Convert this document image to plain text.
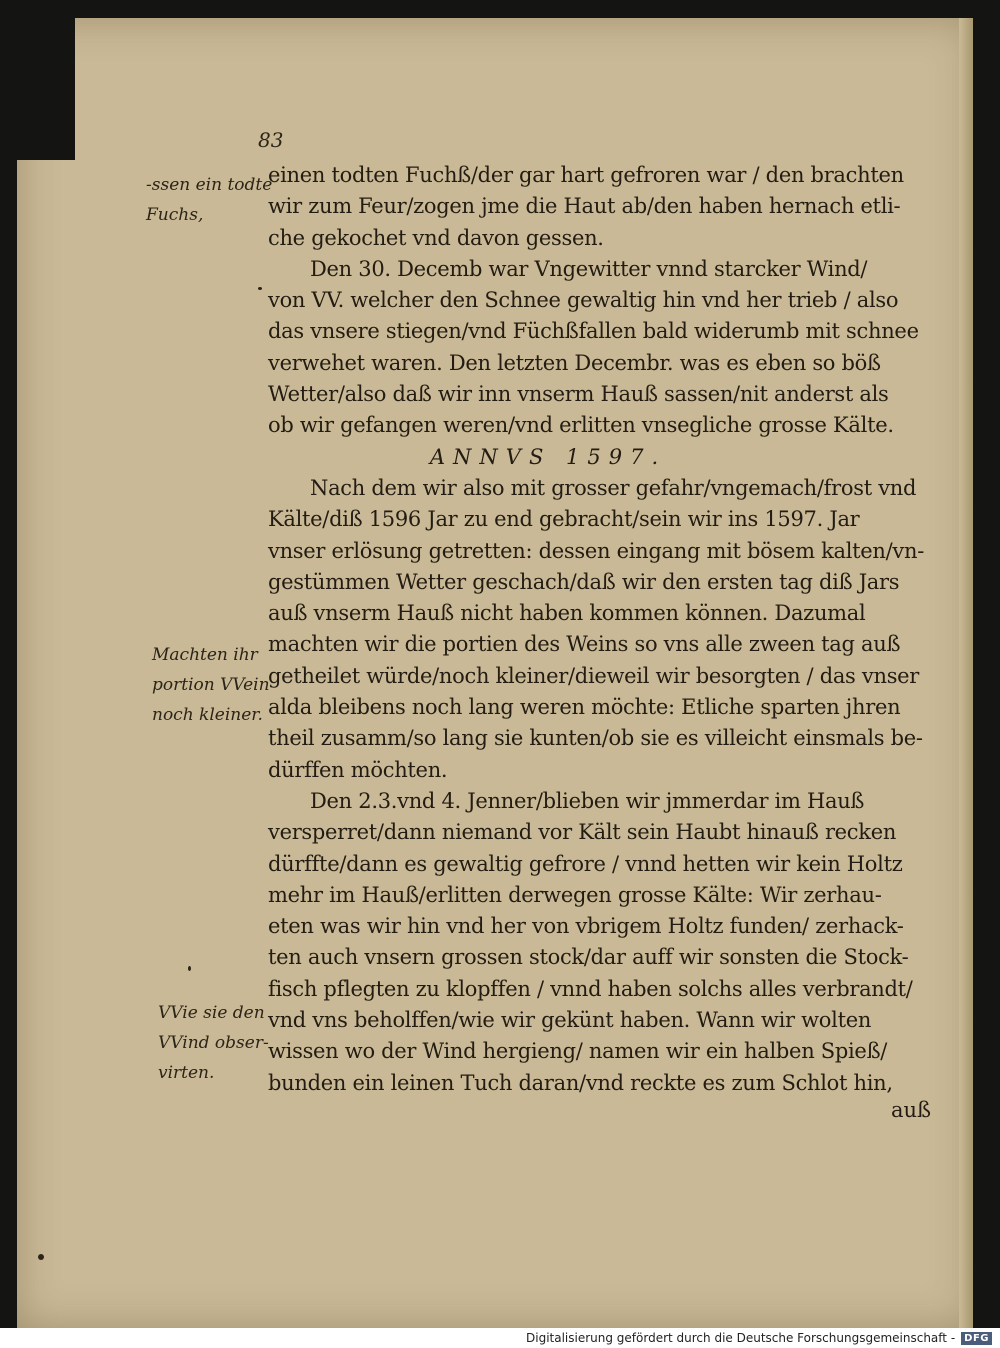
83
-ssen ein todte
Fuchs,
Machten ihr
portion VVein
noch kleiner.
VVie sie den
VVind obser-
virten.
einen todten Fuchß/der gar hart gefroren war / den brachten
wir zum Feur/zogen jme die Haut ab/den haben hernach etli-
che gekochet vnd davon gessen.
Den 30. Decemb war Vngewitter vnnd starcker Wind/
von VV. welcher den Schnee gewaltig hin vnd her trieb / also
das vnsere stiegen/vnd Füchßfallen bald widerumb mit schnee
verwehet waren. Den letzten Decembr. was es eben so böß
Wetter/also daß wir inn vnserm Hauß sassen/nit anderst als
ob wir gefangen weren/vnd erlitten vnsegliche grosse Kälte.
ANNVS 1597.
Nach dem wir also mit grosser gefahr/vngemach/frost vnd
Kälte/diß 1596 Jar zu end gebracht/sein wir ins 1597. Jar
vnser erlösung getretten: dessen eingang mit bösem kalten/vn-
gestümmen Wetter geschach/daß wir den ersten tag diß Jars
auß vnserm Hauß nicht haben kommen können. Dazumal
machten wir die portien des Weins so vns alle zween tag auß
getheilet würde/noch kleiner/dieweil wir besorgten / das vnser
alda bleibens noch lang weren möchte: Etliche sparten jhren
theil zusamm/so lang sie kunten/ob sie es villeicht einsmals be-
dürffen möchten.
Den 2.3.vnd 4. Jenner/blieben wir jmmerdar im Hauß
versperret/dann niemand vor Kält sein Haubt hinauß recken
dürffte/dann es gewaltig gefrore / vnnd hetten wir kein Holtz
mehr im Hauß/erlitten derwegen grosse Kälte: Wir zerhau-
eten was wir hin vnd her von vbrigem Holtz funden/ zerhack-
ten auch vnsern grossen stock/dar auff wir sonsten die Stock-
fisch pflegten zu klopffen / vnnd haben solchs alles verbrandt/
vnd vns beholffen/wie wir gekünt haben. Wann wir wolten
wissen wo der Wind hergieng/ namen wir ein halben Spieß/
bunden ein leinen Tuch daran/vnd reckte es zum Schlot hin,
auß
Digitalisierung gefördert durch die Deutsche Forschungsgemeinschaft - DFG
